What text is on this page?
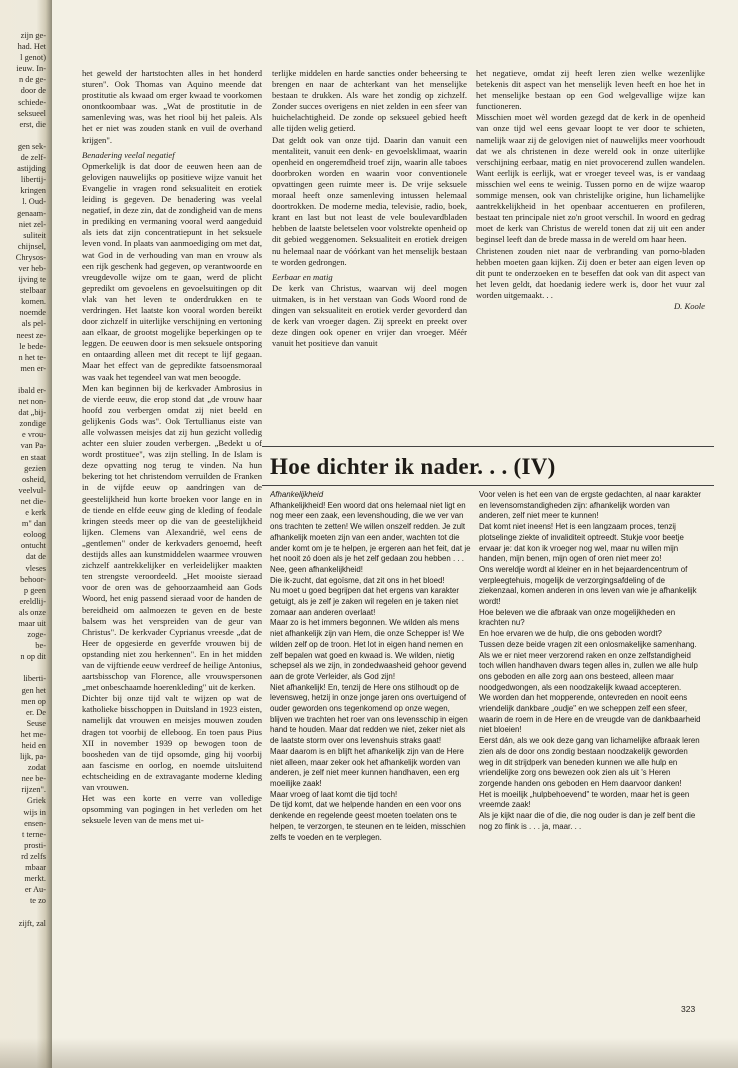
zijn ge-
had. Het
l genot)
ieuw. In-
n de ge-
door de
schiede-
seksueel
erst, die

gen sek-
de zelf-
astijding
libertij-
kringen
l. Oud-
genaam-
niet zel-
suliteit
chijnsel,
Chrysos-
ver heb-
ijving te
stelbaar
komen.
noemde
als pel-
neest ze-
le bede-
n het te-
men er-

ibald er-
net non-
dat „bij-
zondige
e vrou-
van Pa-
en staat
gezien
osheid,
veelvul-
net die-
e kerk
m" dan
eoloog
ontucht
dat de
vleses
behoor-
p geen
ereldlij-
als onze
maar uit
zoge-
be-
n op dit

liberti-
gen het
men op
er. De
Seuse
het me-
heid en
lijk, pa-
zodat
nee be-
rijzen".
Griek
wijs in
ensen-
t terne-
prosti-
rd zelfs
mbaar
merkt.
er Au-
te zo

zijft, zal

het geweld der hartstochten alles in het honderd sturen". Ook Thomas van Aquino meende dat prostitutie als kwaad om erger kwaad te voorkomen onontkoombaar was. „Wat de prostitutie in de samenleving was, was het riool bij het paleis. Als het er niet was zouden stank en vuil de overhand krijgen".

Benadering veelal negatief

Opmerkelijk is dat door de eeuwen heen aan de gelovigen nauwelijks op positieve wijze vanuit het Evangelie in vragen rond seksualiteit en erotiek leiding is gegeven. De benadering was veelal negatief, in deze zin, dat de zondigheid van de mens in prediking en vermaning vooral werd aangeduid als iets dat zijn concentratiepunt in het seksuele leven vond. In plaats van aanmoediging om met dat, wat God in de verhouding van man en vrouw als een rijk geschenk had gegeven, op verantwoorde en vreugdevolle wijze om te gaan, werd de plicht gepredikt om gevoelens en gevoelsuitingen op dit vlak van het leven te onderdrukken en te verdringen. Het laatste kon vooral worden bereikt door zichzelf in uiterlijke verschijning en vertoning aan elkaar, de grootst mogelijke beperkingen op te leggen. De eeuwen door is men seksuele ontsporing en ontaarding alleen met dit recept te lijf gegaan. Maar het effect van de gepredikte fatsoensmoraal was vaak het tegendeel van wat men beoogde.

Men kan beginnen bij de kerkvader Ambrosius in de vierde eeuw, die erop stond dat „de vrouw haar hoofd zou verbergen omdat zij niet beeld en gelijkenis Gods was". Ook Tertullianus eiste van alle volwassen meisjes dat zij hun gezicht volledig achter een sluier zouden verbergen. „Bedekt u of wordt prostituee", was zijn stelling. In de Islam is deze opvatting nog terug te vinden. Na hun bekering tot het christendom verruilden de Franken in de vijfde eeuw op aandringen van de geestelijkheid hun korte broeken voor lange en in de tiende en elfde eeuw ging de kleding of feodale kringen steeds meer op die van de geestelijkheid lijken. Clemens van Alexandrië, wel eens de „gentlemen" onder de kerkvaders genoemd, heeft destijds alles aan kunstmiddelen waarmee vrouwen zichzelf aantrekkelijker en verleidelijker maakten ten strengste veroordeeld. „Het mooiste sieraad voor de oren was de gehoorzaamheid aan Gods Woord, het enig passend sieraad voor de handen de bereidheid om aalmoezen te geven en de beste balsem was het verspreiden van de geur van Christus". De kerkvader Cyprianus vreesde „dat de Heer de opgesierde en geverfde vrouwen bij de opstanding niet zou herkennen". En in het midden van de vijftiende eeuw verdreef de heilige Antonius, aartsbisschop van Florence, alle vrouwspersonen „met onbeschaamde hoerenkleding" uit de kerken.

Dichter bij onze tijd valt te wijzen op wat de katholieke bisschoppen in Duitsland in 1923 eisten, namelijk dat vrouwen en meisjes mouwen zouden dragen tot voorbij de elleboog. En toen paus Pius XII in november 1939 op bewogen toon de boosheden van de tijd opsomde, ging hij voorbij aan fascisme en oorlog, en noemde uitsluitend echtscheiding en de extravagante moderne kleding van vrouwen.

Het was een korte en verre van volledige opsomming van pogingen in het verleden om het seksuele leven van de mens met ui-

terlijke middelen en harde sancties onder beheersing te brengen en naar de achterkant van het menselijke bestaan te drukken. Als ware het zondig op zichzelf. Zonder succes overigens en niet zelden in een sfeer van huichelachtigheid. De zonde op seksueel gebied heeft alle tijden welig getierd.

Dat geldt ook van onze tijd. Daarin dan vanuit een mentaliteit, vanuit een denk- en gevoelsklimaat, waarin openheid en ongeremdheid troef zijn, waarin alle taboes doorbroken worden en waarin voor conventionele opvattingen geen ruimte meer is. De vrije seksuele moraal heeft onze samenleving intussen helemaal doortrokken. De moderne media, televisie, radio, boek, krant en last but not least de vele boulevardbladen hebben de laatste beletselen voor volstrekte openheid op dit gebied weggenomen. Seksualiteit en erotiek dreigen nu helemaal naar de vóórkant van het menselijk bestaan te worden gedrongen.

Eerbaar en matig

De kerk van Christus, waarvan wij deel mogen uitmaken, is in het verstaan van Gods Woord rond de dingen van seksualiteit en erotiek verder gevorderd dan de kerk van vroeger dagen. Zij spreekt en preekt over deze dingen ook opener en vrijer dan vroeger. Méér vanuit het positieve dan vanuit

het negatieve, omdat zij heeft leren zien welke wezenlijke betekenis dit aspect van het menselijk leven heeft en hoe het in het menselijke bestaan op een God welgevallige wijze kan functioneren.

Misschien moet wèl worden gezegd dat de kerk in de openheid van onze tijd wel eens gevaar loopt te ver door te schieten, namelijk waar zij de gelovigen niet of nauwelijks meer voorhoudt dat we als christenen in deze wereld ook in onze uiterlijke verschijning eerbaar, matig en niet provocerend zullen wandelen. Want eerlijk is eerlijk, wat er vroeger teveel was, is er vandaag misschien wel eens te weinig. Tussen porno en de wijze waarop sommige mensen, ook van christelijke origine, hun lichamelijke aantrekkelijkheid in het openbaar accentueren en profileren, bestaat ten principale niet zo'n groot verschil. In woord en gedrag moet de kerk van Christus de wereld tonen dat zij uit een ander beginsel leeft dan de brede massa in de wereld om haar heen.

Christenen zouden niet naar de verbranding van porno-bladen hebben moeten gaan kijken. Zij doen er beter aan eigen leven op dit punt te onderzoeken en te beseffen dat ook van dit aspect van het leven geldt, dat hoedanig iedere werk is, door het vuur zal worden uitgemaakt. . .

D. Koole

Hoe dichter ik nader. . . (IV)
Afhankelijkheid

Afhankelijkheid! Een woord dat ons helemaal niet ligt en nog meer een zaak, een levenshouding, die we ver van ons trachten te zetten! We willen onszelf redden. Je zult afhankelijk moeten zijn van een ander, wachten tot die ander komt om je te helpen, je ergeren aan het feit, dat je het nooit zó doen als je het zelf gedaan zou hebben . . .

Nee, geen afhankelijkheid!

Die ik-zucht, dat egoïsme, dat zit ons in het bloed!

Nu moet u goed begrijpen dat het ergens van karakter getuigt, als je zelf je zaken wil regelen en je taken niet zomaar aan anderen overlaat!

Maar zo is het immers begonnen. We wilden als mens niet afhankelijk zijn van Hem, die onze Schepper is! We wilden zelf op de troon. Het lot in eigen hand nemen en zelf bepalen wat goed en kwaad is. We wilden, nietig schepsel als we zijn, in zondedwaasheid gehoor gevend aan de grote Verleider, als God zijn!

Niet afhankelijk! En, tenzij de Here ons stilhoudt op de levensweg, hetzij in onze jonge jaren ons overtuigend of ouder geworden ons tegenkomend op onze wegen, blijven we trachten het roer van ons levensschip in eigen hand te houden. Maar dat redden we niet, zeker niet als de laatste storm over ons levenshuis straks gaat!

Maar daarom is en blijft het afhankelijk zijn van de Here niet alleen, maar zeker ook het afhankelijk worden van anderen, je zelf niet meer kunnen handhaven, een erg moeilijke zaak!

Maar vroeg of laat komt die tijd toch!

De tijd komt, dat we helpende handen en een voor ons denkende en regelende geest moeten toelaten ons te helpen, te verzorgen, te steunen en te leiden, misschien zelfs te voeden en te verplegen.

Voor velen is het een van de ergste gedachten, al naar karakter en levensomstandigheden zijn: afhankelijk worden van anderen, zelf niet meer te kunnen!

Dat komt niet ineens! Het is een langzaam proces, tenzij plotselinge ziekte of invaliditeit optreedt. Stukje voor beetje ervaar je: dat kon ik vroeger nog wel, maar nu willen mijn handen, mijn benen, mijn ogen of oren niet meer zo!

Ons wereldje wordt al kleiner en in het bejaardencentrum of verpleegtehuis, mogelijk de verzorgingsafdeling of de ziekenzaal, komen anderen in ons leven van wie je afhankelijk wordt!

Hoe beleven we die afbraak van onze mogelijkheden en krachten nu?

En hoe ervaren we de hulp, die ons geboden wordt?

Tussen deze beide vragen zit een onlosmakelijke samenhang.

Als we er niet meer verzorend raken en onze zelfstandigheid toch willen handhaven dwars tegen alles in, zullen we alle hulp ons geboden en alle zorg aan ons besteed, alleen maar noodgedwongen, als een noodzakelijk kwaad accepteren.

We worden dan het mopperende, ontevreden en nooit eens vriendelijk dankbare „oudje" en we scheppen zelf een sfeer, waarin de roem in de Here en de vreugde van de dankbaarheid niet bloeien!

Eerst dán, als we ook deze gang van lichamelijke afbraak leren zien als de door ons zondig bestaan noodzakelijk geworden weg in dit strijdperk van beneden kunnen we alle hulp en vriendelijke zorg ons bewezen ook zien als uit 's Heren zorgende handen ons geboden en Hem daarvoor danken!

Het is moeilijk „hulpbehoevend" te worden, maar het is geen vreemde zaak!

Als je kijkt naar die of die, die nog ouder is dan je zelf bent die nog zo flink is . . . ja, maar. . .

323
